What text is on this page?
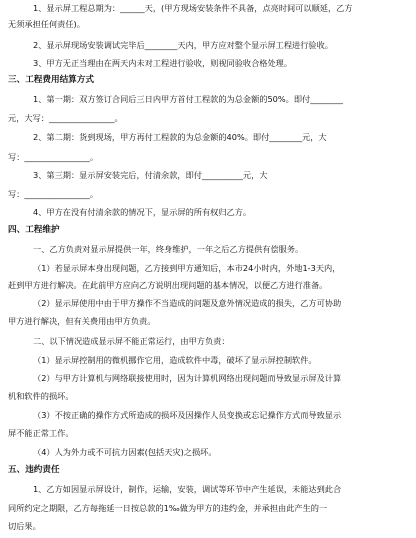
1、显示屏工程总期为：______天，(甲方现场安装条件不具备，点亮时间可以顺延，乙方
无须承担任何责任)。
2、显示屏现场安装调试完毕后________天内，甲方应对整个显示屏工程进行验收。
3、甲方无正当理由在两天内未对工程进行验收，则视同验收合格处理。
三、工程费用结算方式
1、第一期：双方签订合同后三日内甲方首付工程款的为总金额的50%。即付________
元，大写：________________。
2、第二期：货到现场，甲方再付工程款的为总金额的40%。即付________元，大
写：________________。
3、第三期：显示屏安装完后，付清余款，即付__________元，大
写：________________。
4、甲方在没有付清余款的情况下，显示屏的所有权归乙方。
四、工程维护
一、乙方负责对显示屏提供一年，终身维护，一年之后乙方提供有偿服务。
（1）若显示屏本身出现问题，乙方接到甲方通知后，本市24小时内，外地1-3天内，
赶到甲方进行解决。在此前甲方应向乙方说明出现问题的基本情况，以便乙方进行准备。
（2）显示屏使用中由于甲方操作不当造成的问题及意外情况造成的损失，乙方可协助
甲方进行解决，但有关费用由甲方负责。
二、以下情况造成显示屏不能正常运行，由甲方负责：
（1）显示屏控制用的微机挪作它用，造成软件中毒，破坏了显示屏控制软件。
（2）与甲方计算机与网络联接使用时，因为计算机网络出现问题而导致显示屏及计算
机和软件的损坏。
（3）不按正确的操作方式所造成的损坏及因操作人员变换或忘记操作方式而导致显示
屏不能正常工作。
（4）人为外力或不可抗力因素(包括天灾)之损坏。
五、违约责任
1、乙方如因显示屏设计，制作，运输，安装，调试等环节中产生延误，未能达到此合
同所约定之期限，乙方每拖延一日按总款的1‰做为甲方的违约金，并承担由此产生的一
切后果。
